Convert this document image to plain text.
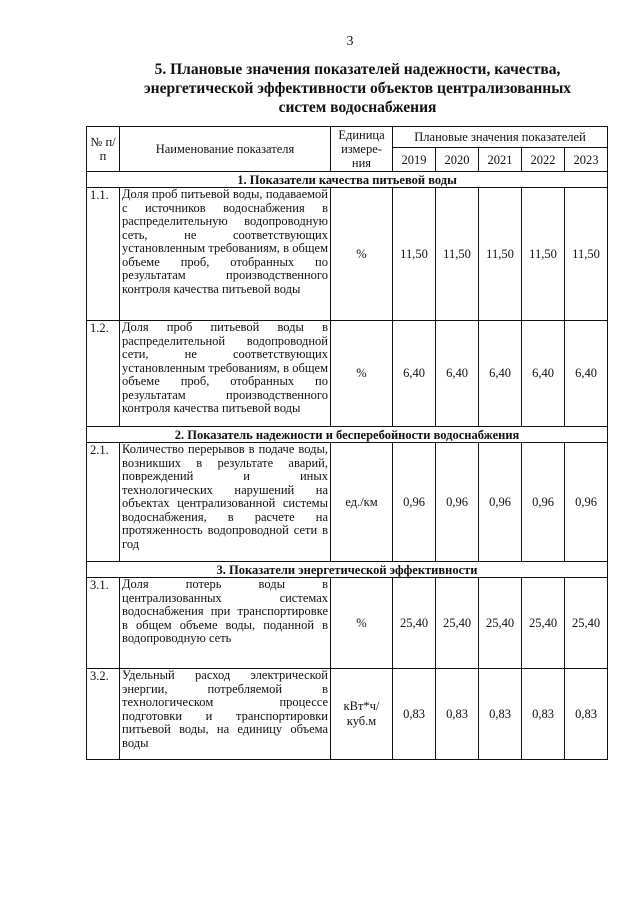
3
5. Плановые значения показателей надежности, качества,
энергетической эффективности объектов централизованных
систем водоснабжения
№ п/п	Наименование показателя	Единица измере-ния	Плановые значения показателей				
			2019	2020	2021	2022	2023
1. Показатели качества питьевой воды							
1.1.	Доля проб питьевой воды, подаваемой с источников водоснабжения в распределительную водопроводную сеть, не соответствующих установленным требованиям, в общем объеме проб, отобранных по результатам производственного контроля качества питьевой воды	%	11,50	11,50	11,50	11,50	11,50
1.2.	Доля проб питьевой воды в распределительной водопроводной сети, не соответствующих установленным требованиям, в общем объеме проб, отобранных по результатам производственного контроля качества питьевой воды	%	6,40	6,40	6,40	6,40	6,40
2. Показатель надежности и бесперебойности водоснабжения							
2.1.	Количество перерывов в подаче воды, возникших в результате аварий, повреждений и иных технологических нарушений на объектах централизованной системы водоснабжения, в расчете на протяженность водопроводной сети в год	ед./км	0,96	0,96	0,96	0,96	0,96
3. Показатели энергетической эффективности							
3.1.	Доля потерь воды в централизованных системах водоснабжения при транспортировке в общем объеме воды, поданной в водопроводную сеть	%	25,40	25,40	25,40	25,40	25,40
3.2.	Удельный расход электрической энергии, потребляемой в технологическом процессе подготовки и транспортировки питьевой воды, на единицу объема воды	кВт*ч/ куб.м	0,83	0,83	0,83	0,83	0,83
